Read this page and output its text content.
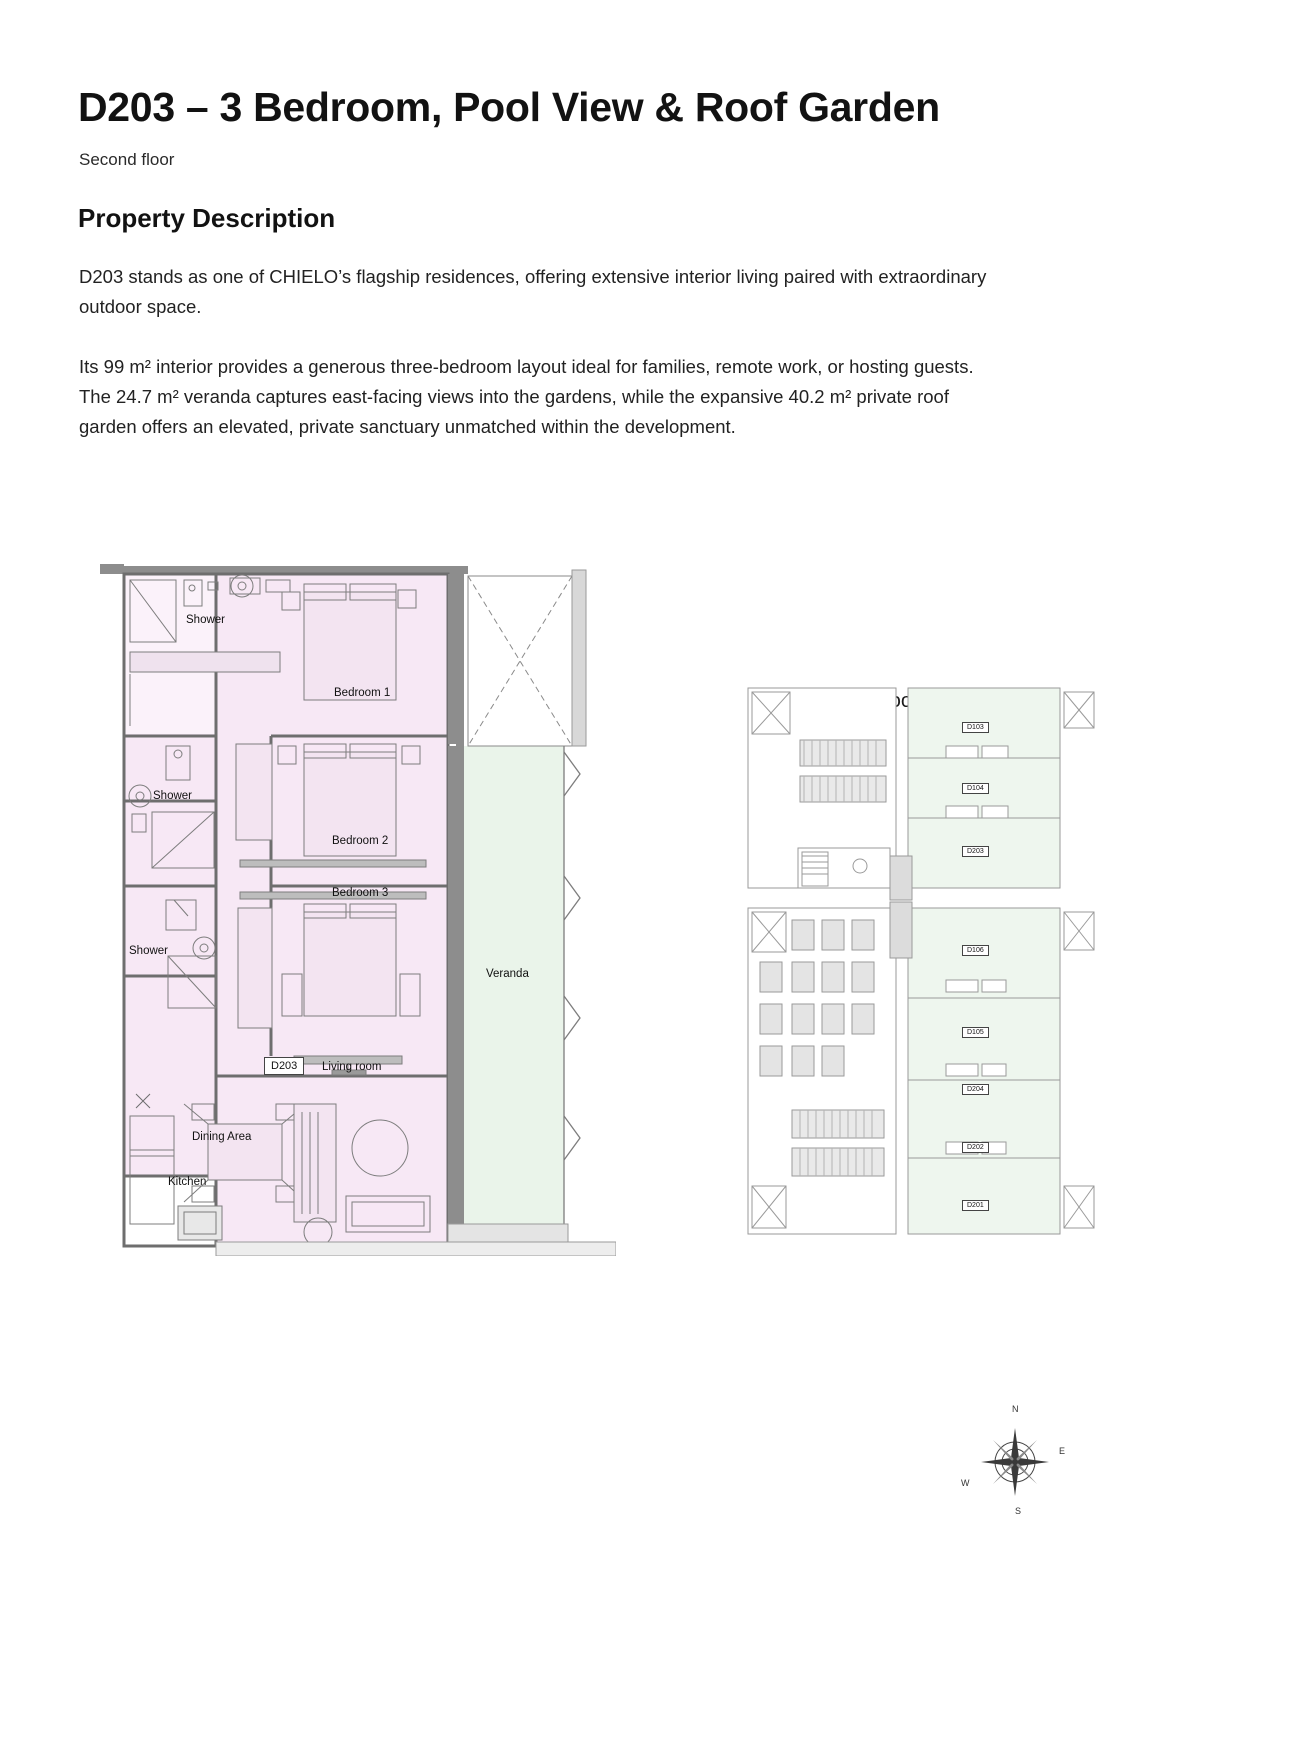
D203 – 3 Bedroom, Pool View & Roof Garden
Second floor
Property Description
D203 stands as one of CHIELO’s flagship residences, offering extensive interior living paired with extraordinary outdoor space.
Its 99 m² interior provides a generous three-bedroom layout ideal for families, remote work, or hosting guests. The 24.7 m² veranda captures east-facing views into the gardens, while the expansive 40.2 m² private roof garden offers an elevated, private sanctuary unmatched within the development.
Shower
Bedroom 1
Shower
Bedroom 2
Bedroom 3
Shower
Veranda
Living room
Dining Area
Kitchen
D203
D103
D104
D203
D106
D105
D204
D202
D201
N
E
S
W
